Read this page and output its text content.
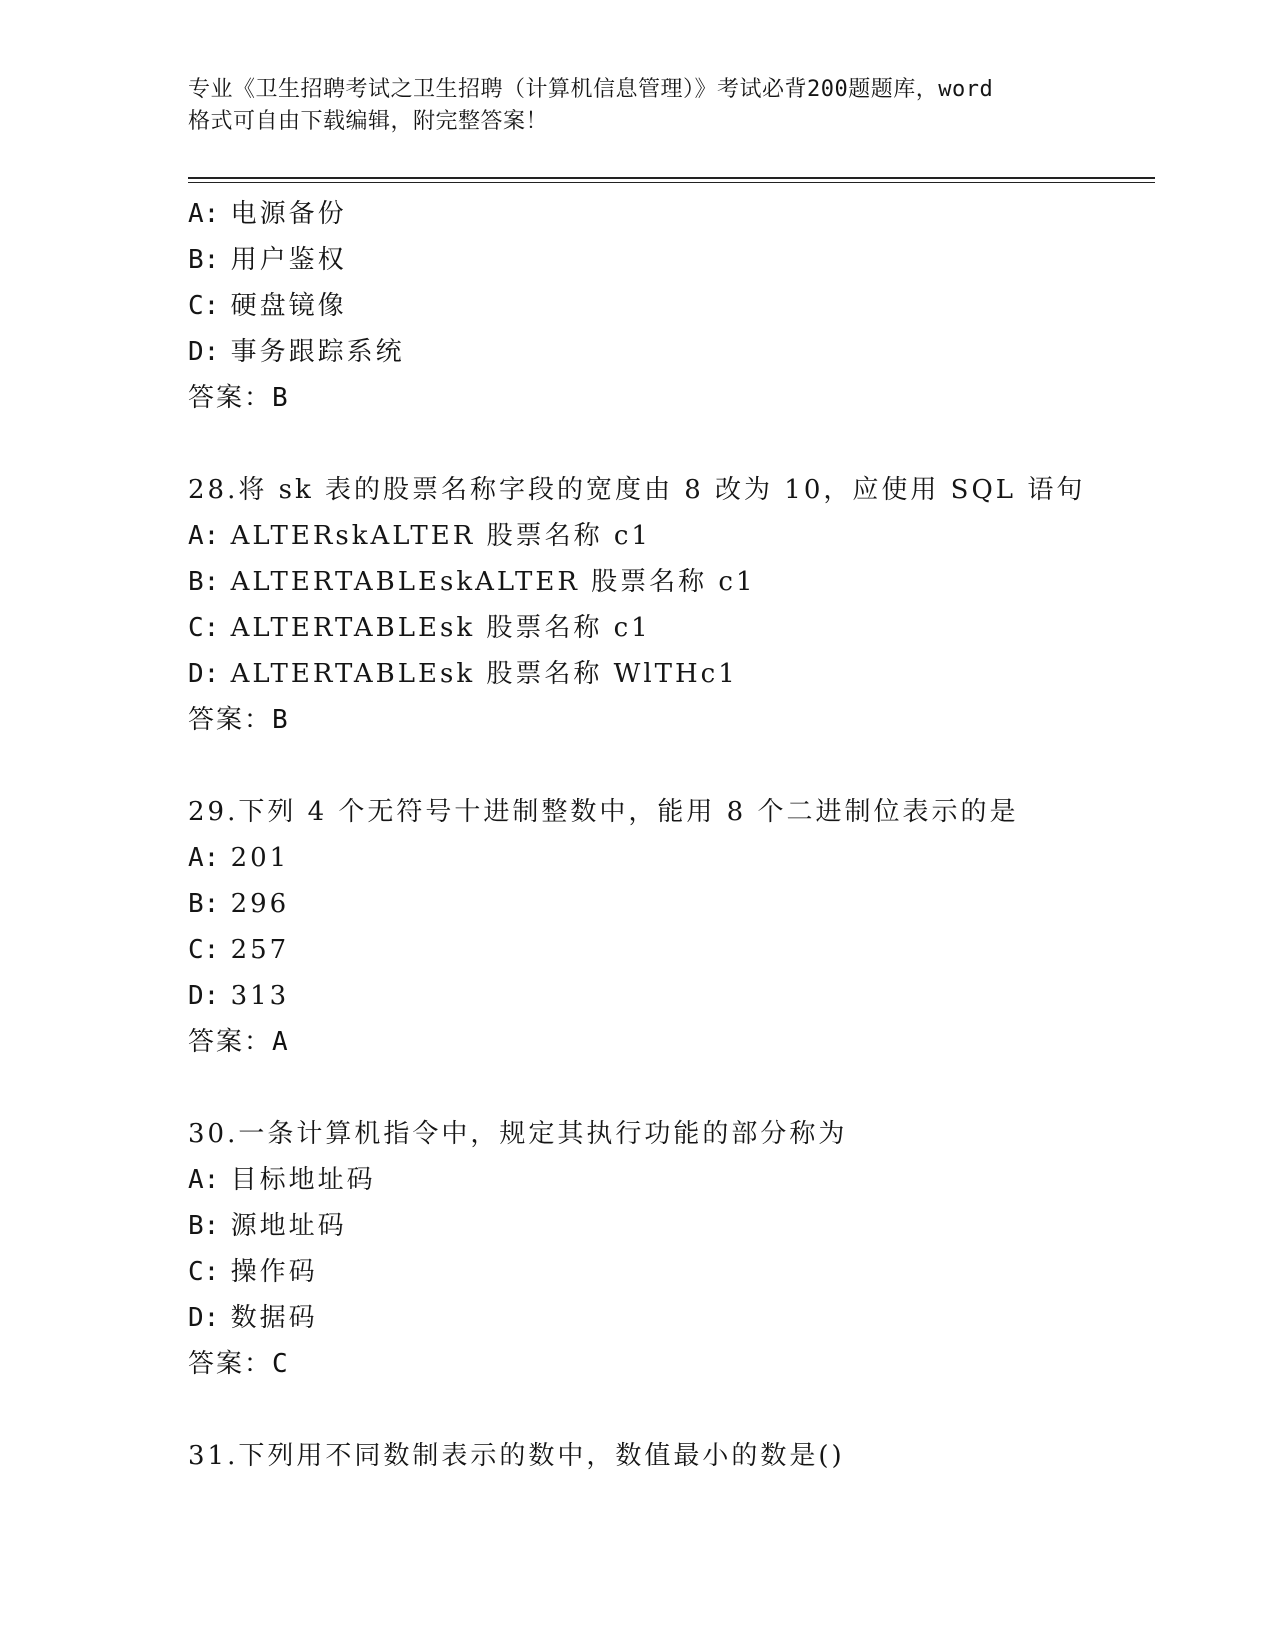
专业《卫生招聘考试之卫生招聘（计算机信息管理）》考试必背200题题库，word
格式可自由下载编辑，附完整答案！
A: 电源备份
B: 用户鉴权
C: 硬盘镜像
D: 事务跟踪系统
答案：B
28.将 sk 表的股票名称字段的宽度由 8 改为 10，应使用 SQL 语句
A: ALTERskALTER 股票名称 c1
B: ALTERTABLEskALTER 股票名称 c1
C: ALTERTABLEsk 股票名称 c1
D: ALTERTABLEsk 股票名称 WlTHc1
答案：B
29.下列 4 个无符号十进制整数中，能用 8 个二进制位表示的是
A: 201
B: 296
C: 257
D: 313
答案：A
30.一条计算机指令中，规定其执行功能的部分称为
A: 目标地址码
B: 源地址码
C: 操作码
D: 数据码
答案：C
31.下列用不同数制表示的数中，数值最小的数是()
